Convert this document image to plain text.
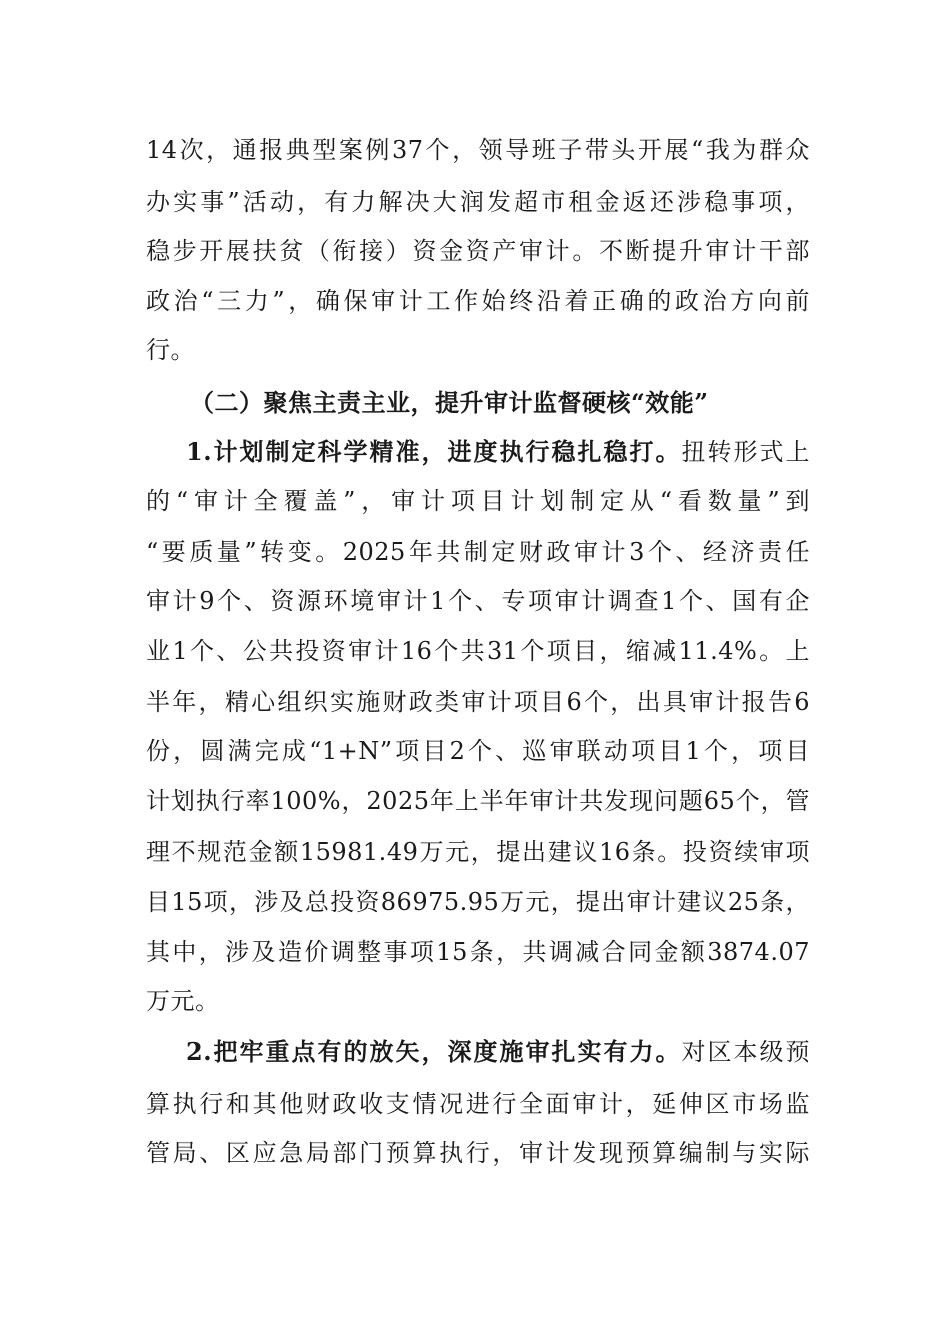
14次，通报典型案例37个，领导班子带头开展“我为群众
办实事”活动，有力解决大润发超市租金返还涉稳事项，
稳步开展扶贫（衔接）资金资产审计。不断提升审计干部
政治“三力”，确保审计工作始终沿着正确的政治方向前
行。
（二）聚焦主责主业，提升审计监督硬核“效能”
1.计划制定科学精准，进度执行稳扎稳打。扭转形式上
的“审计全覆盖”，审计项目计划制定从“看数量”到
“要质量”转变。2025年共制定财政审计3个、经济责任
审计9个、资源环境审计1个、专项审计调查1个、国有企
业1个、公共投资审计16个共31个项目，缩减11.4%。上
半年，精心组织实施财政类审计项目6个，出具审计报告6
份，圆满完成“1+N”项目2个、巡审联动项目1个，项目
计划执行率100%，2025年上半年审计共发现问题65个，管
理不规范金额15981.49万元，提出建议16条。投资续审项
目15项，涉及总投资86975.95万元，提出审计建议25条，
其中，涉及造价调整事项15条，共调减合同金额3874.07
万元。
2.把牢重点有的放矢，深度施审扎实有力。对区本级预
算执行和其他财政收支情况进行全面审计，延伸区市场监
管局、区应急局部门预算执行，审计发现预算编制与实际
